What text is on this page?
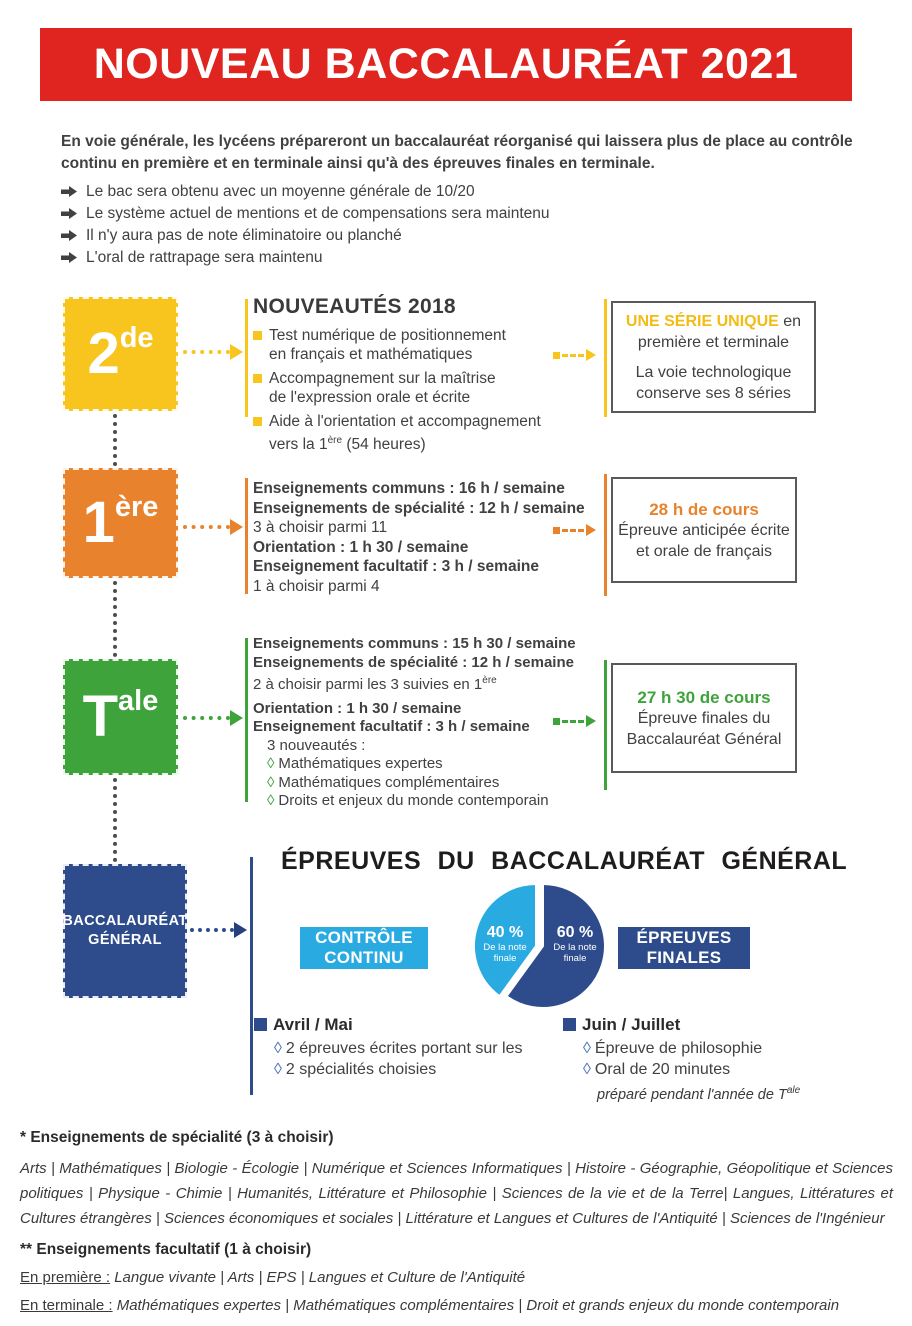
NOUVEAU BACCALAURÉAT 2021
En voie générale, les lycéens prépareront un baccalauréat réorganisé qui laissera plus de place au contrôle continu en première et en terminale ainsi qu'à des épreuves finales en terminale.
Le bac sera obtenu avec un moyenne générale de 10/20
Le système actuel de mentions et de compensations sera maintenu
Il n'y aura pas de note éliminatoire ou planché
L'oral de rattrapage sera maintenu
2 de
NOUVEAUTÉS 2018
Test numérique de positionnement
en français et mathématiques
Accompagnement sur la maîtrise
de l'expression orale et écrite
Aide à l'orientation et accompagnement
vers la 1ère (54 heures)
UNE SÉRIE UNIQUE en
première et terminale
La voie technologique
conserve ses 8 séries
1 ère
Enseignements communs : 16 h / semaine
Enseignements de spécialité : 12 h / semaine
3 à choisir parmi 11
Orientation : 1 h 30 / semaine
Enseignement facultatif : 3 h / semaine
1 à choisir parmi 4
28 h de cours
Épreuve anticipée écrite
et orale de français
T ale
Enseignements communs : 15 h 30 / semaine
Enseignements de spécialité : 12 h / semaine
2 à choisir parmi les 3 suivies en 1ère
Orientation : 1 h 30 / semaine
Enseignement facultatif : 3 h / semaine
3 nouveautés :
◊ Mathématiques expertes
◊ Mathématiques complémentaires
◊ Droits et enjeux du monde contemporain
27 h 30 de cours
Épreuve finales du
Baccalauréat Général
BACCALAURÉAT
GÉNÉRAL
ÉPREUVES DU BACCALAURÉAT GÉNÉRAL
CONTRÔLE
CONTINU
40 %
De la note
finale
60 %
De la note
finale
ÉPREUVES
FINALES
Avril / Mai
◊ 2 épreuves écrites portant sur les
◊ 2 spécialités choisies
Juin / Juillet
◊ Épreuve de philosophie
◊ Oral de 20 minutes
préparé pendant l'année de $T^{ale}$
* Enseignements de spécialité (3 à choisir)
Arts | Mathématiques | Biologie - Écologie | Numérique et Sciences Informatiques | Histoire - Géographie, Géopolitique et Sciences politiques | Physique - Chimie | Humanités, Littérature et Philosophie | Sciences de la vie et de la Terre| Langues, Littératures et Cultures étrangères | Sciences économiques et sociales | Littérature et Langues et Cultures de l'Antiquité | Sciences de l'Ingénieur
** Enseignements facultatif (1 à choisir)
En première : Langue vivante | Arts | EPS | Langues et Culture de l'Antiquité
En terminale : Mathématiques expertes | Mathématiques complémentaires | Droit et grands enjeux du monde contemporain
